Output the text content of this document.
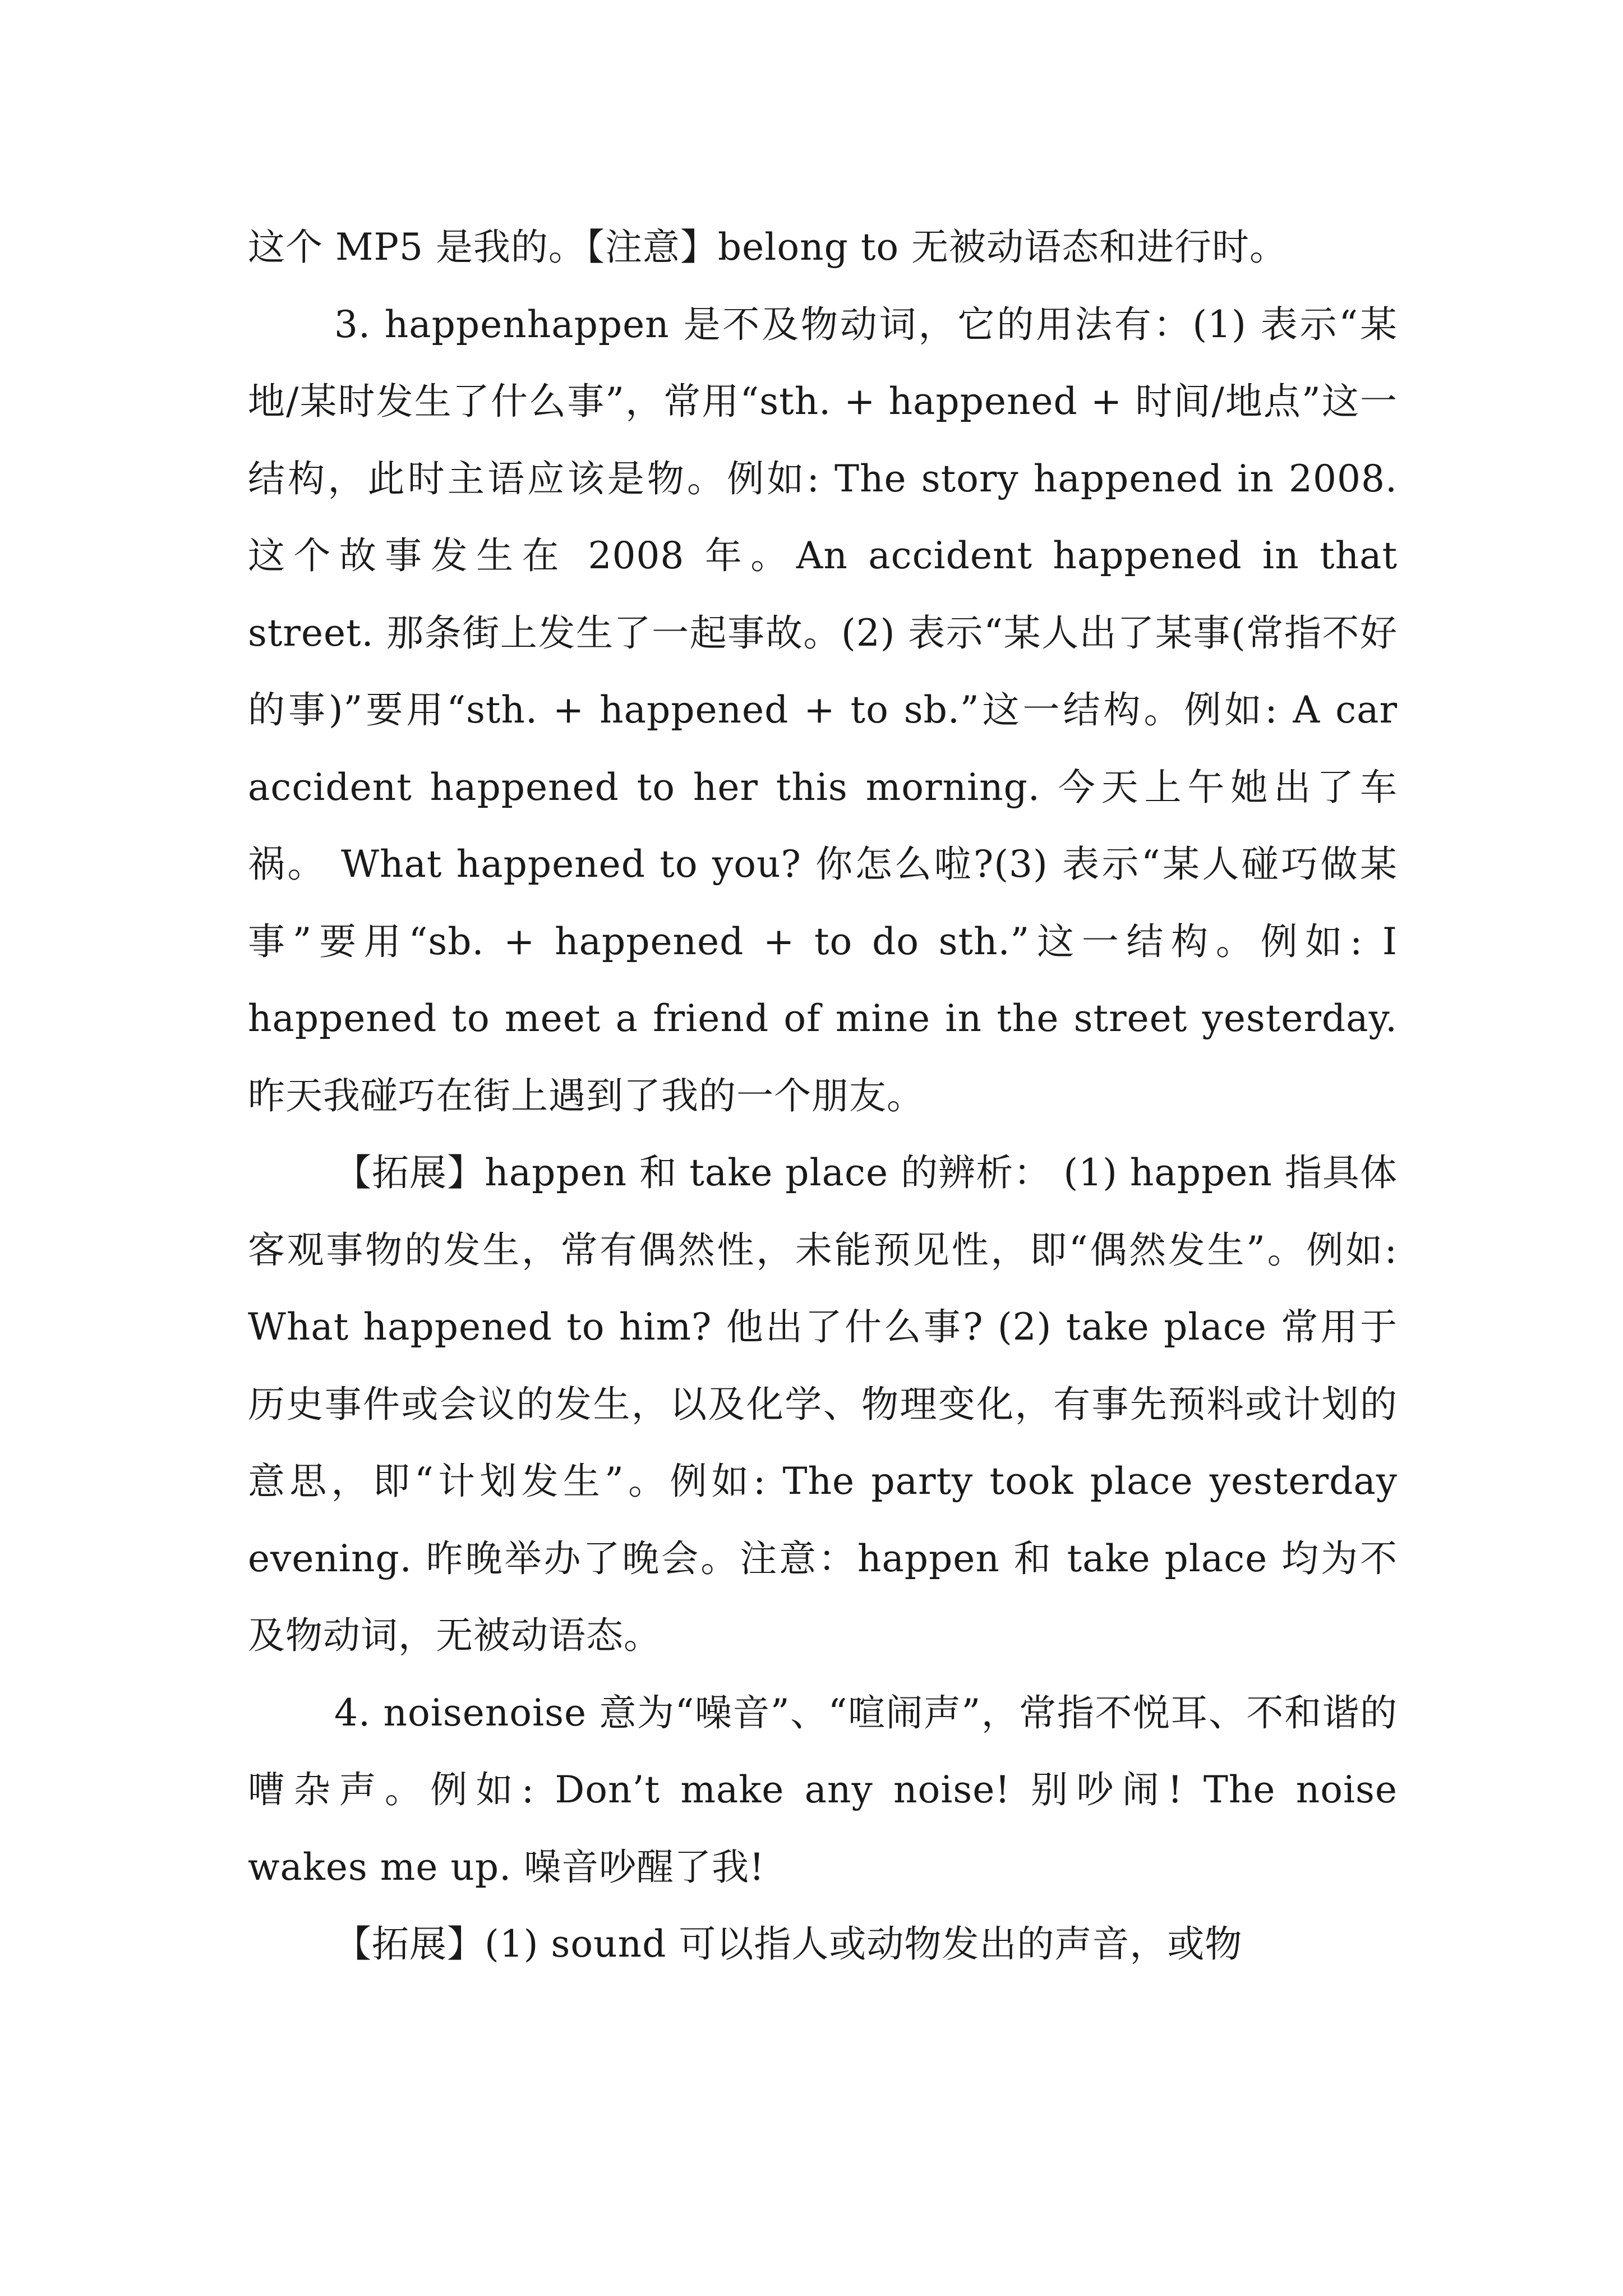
这个 MP5 是我的。【注意】belong to 无被动语态和进行时。

3. happenhappen 是不及物动词，它的用法有：(1) 表示“某地/某时发生了什么事”，常用“sth. + happened + 时间/地点”这一结构，此时主语应该是物。例如: The story happened in 2008. 这个故事发生在 2008 年。An accident happened in that street. 那条街上发生了一起事故。(2) 表示“某人出了某事(常指不好的事)”要用“sth. + happened + to sb.”这一结构。例如: A car accident happened to her this morning. 今天上午她出了车祸。 What happened to you? 你怎么啦?(3) 表示“某人碰巧做某事”要用“sb. + happened + to do sth.”这一结构。例如: I happened to meet a friend of mine in the street yesterday. 昨天我碰巧在街上遇到了我的一个朋友。

【拓展】happen 和 take place 的辨析： (1) happen 指具体客观事物的发生，常有偶然性，未能预见性，即“偶然发生”。例如: What happened to him? 他出了什么事? (2) take place 常用于历史事件或会议的发生，以及化学、物理变化，有事先预料或计划的意思，即“计划发生”。例如: The party took place yesterday evening. 昨晚举办了晚会。注意：happen 和 take place 均为不及物动词，无被动语态。

4. noisenoise 意为“噪音”、“喧闹声”，常指不悦耳、不和谐的嘈杂声。例如: Don’t make any noise! 别吵闹! The noise wakes me up. 噪音吵醒了我!

【拓展】(1) sound 可以指人或动物发出的声音，或物
